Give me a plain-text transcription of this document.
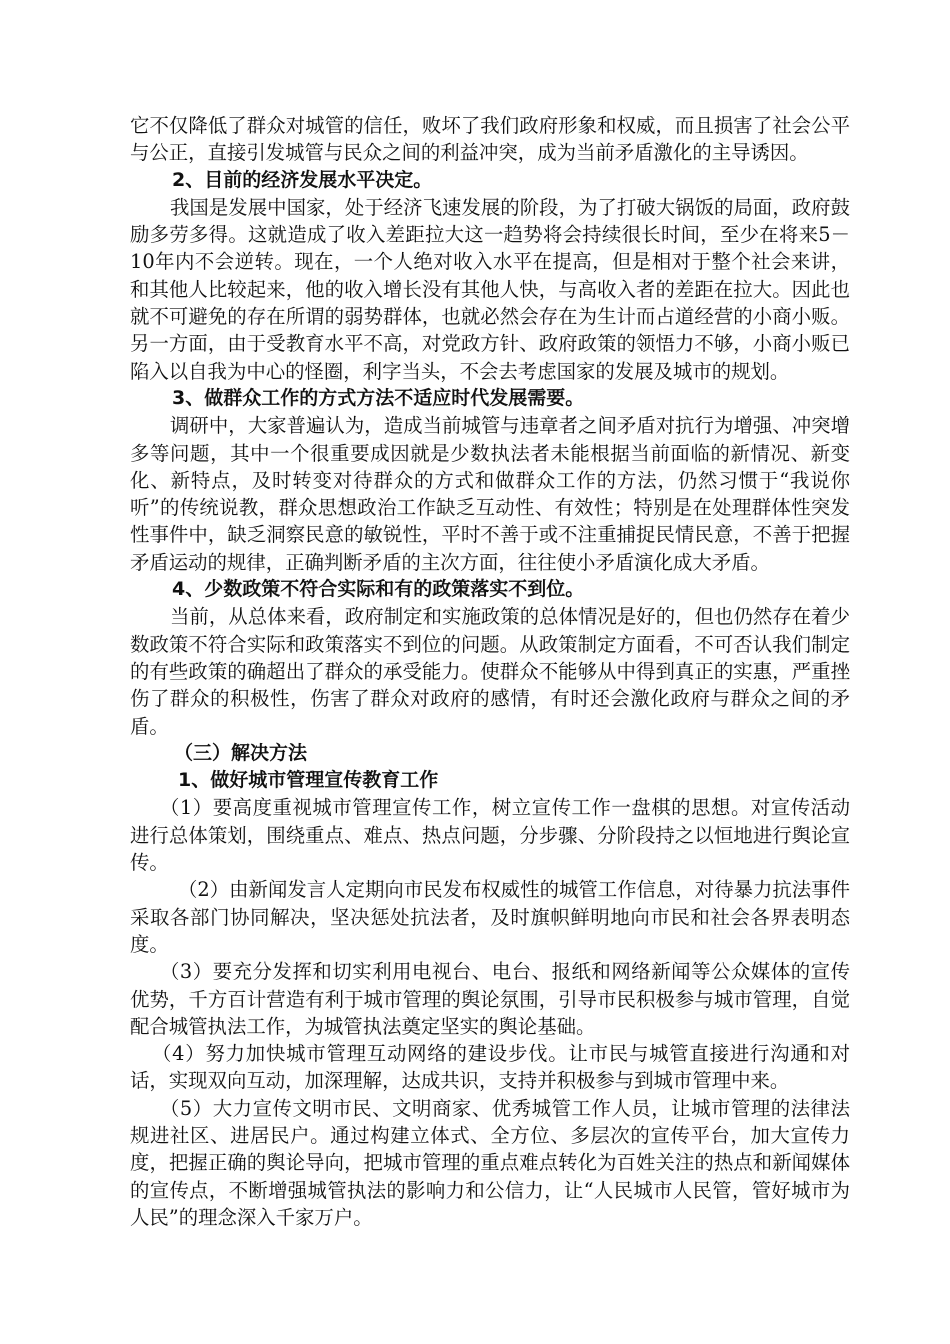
它不仅降低了群众对城管的信任，败坏了我们政府形象和权威，而且损害了社会公平与公正，直接引发城管与民众之间的利益冲突，成为当前矛盾激化的主导诱因。

2、目前的经济发展水平决定。

我国是发展中国家，处于经济飞速发展的阶段，为了打破大锅饭的局面，政府鼓励多劳多得。这就造成了收入差距拉大这一趋势将会持续很长时间，至少在将来5－10年内不会逆转。现在，一个人绝对收入水平在提高，但是相对于整个社会来讲，和其他人比较起来，他的收入增长没有其他人快，与高收入者的差距在拉大。因此也就不可避免的存在所谓的弱势群体，也就必然会存在为生计而占道经营的小商小贩。另一方面，由于受教育水平不高，对党政方针、政府政策的领悟力不够，小商小贩已陷入以自我为中心的怪圈，利字当头，不会去考虑国家的发展及城市的规划。

3、做群众工作的方式方法不适应时代发展需要。

调研中，大家普遍认为，造成当前城管与违章者之间矛盾对抗行为增强、冲突增多等问题，其中一个很重要成因就是少数执法者未能根据当前面临的新情况、新变化、新特点，及时转变对待群众的方式和做群众工作的方法，仍然习惯于“我说你听”的传统说教，群众思想政治工作缺乏互动性、有效性；特别是在处理群体性突发性事件中，缺乏洞察民意的敏锐性，平时不善于或不注重捕捉民情民意，不善于把握矛盾运动的规律，正确判断矛盾的主次方面，往往使小矛盾演化成大矛盾。

4、少数政策不符合实际和有的政策落实不到位。

当前，从总体来看，政府制定和实施政策的总体情况是好的，但也仍然存在着少数政策不符合实际和政策落实不到位的问题。从政策制定方面看，不可否认我们制定的有些政策的确超出了群众的承受能力。使群众不能够从中得到真正的实惠，严重挫伤了群众的积极性，伤害了群众对政府的感情，有时还会激化政府与群众之间的矛盾。

（三）解决方法

1、做好城市管理宣传教育工作

（1）要高度重视城市管理宣传工作，树立宣传工作一盘棋的思想。对宣传活动进行总体策划，围绕重点、难点、热点问题，分步骤、分阶段持之以恒地进行舆论宣传。

（2）由新闻发言人定期向市民发布权威性的城管工作信息，对待暴力抗法事件采取各部门协同解决，坚决惩处抗法者，及时旗帜鲜明地向市民和社会各界表明态度。

（3）要充分发挥和切实利用电视台、电台、报纸和网络新闻等公众媒体的宣传优势，千方百计营造有利于城市管理的舆论氛围，引导市民积极参与城市管理，自觉配合城管执法工作，为城管执法奠定坚实的舆论基础。

（4）努力加快城市管理互动网络的建设步伐。让市民与城管直接进行沟通和对话，实现双向互动，加深理解，达成共识，支持并积极参与到城市管理中来。

（5）大力宣传文明市民、文明商家、优秀城管工作人员，让城市管理的法律法规进社区、进居民户。通过构建立体式、全方位、多层次的宣传平台，加大宣传力度，把握正确的舆论导向，把城市管理的重点难点转化为百姓关注的热点和新闻媒体的宣传点，不断增强城管执法的影响力和公信力，让“人民城市人民管，管好城市为人民”的理念深入千家万户。
